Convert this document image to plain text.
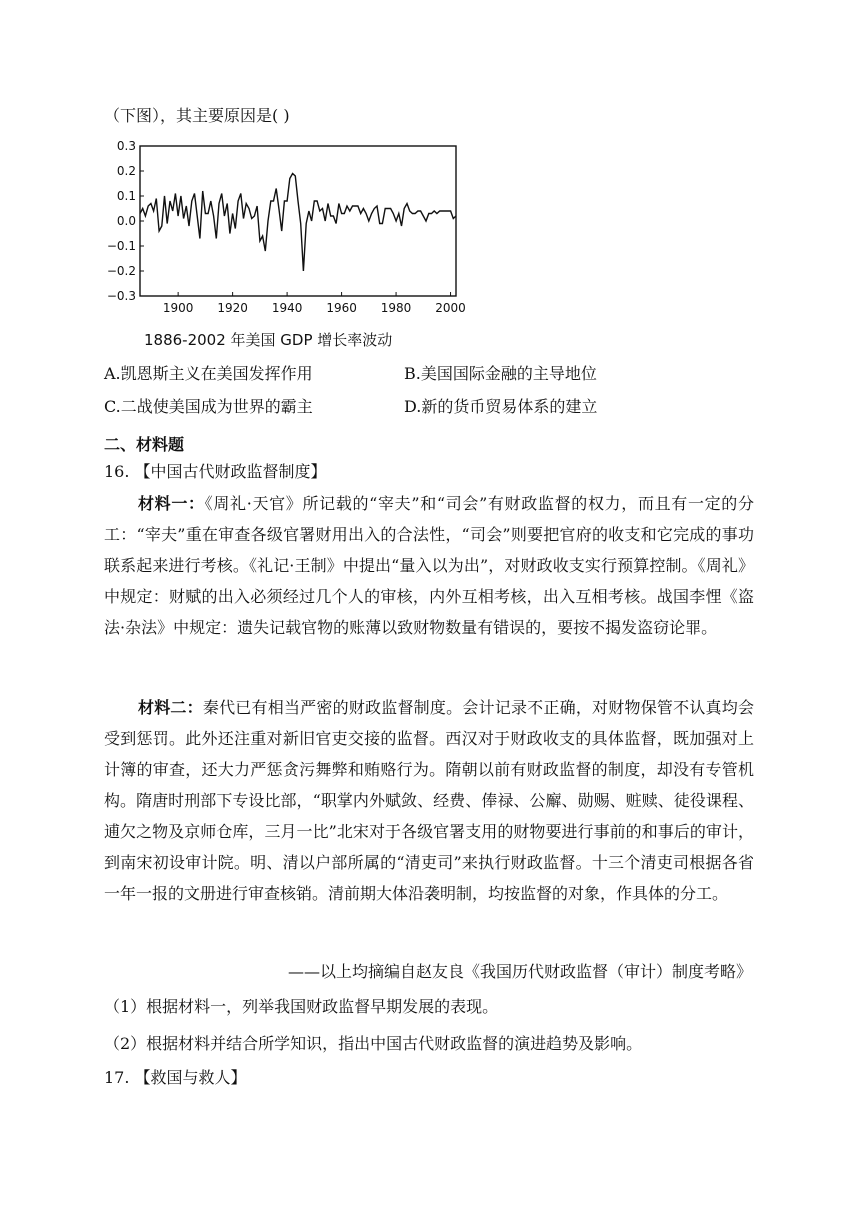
（下图），其主要原因是( )
0.3
0.2
0.1
0.0
−0.1
−0.2
−0.3
1900 1920 1940 1960 1980 2000
1886-2002 年美国 GDP 增长率波动
A.凯恩斯主义在美国发挥作用	B.美国国际金融的主导地位
C.二战使美国成为世界的霸主	D.新的货币贸易体系的建立
二、材料题
16. 【中国古代财政监督制度】
材料一：《周礼·天官》所记载的“宰夫”和“司会”有财政监督的权力，而且有一定的分工：“宰夫”重在审查各级官署财用出入的合法性，“司会”则要把官府的收支和它完成的事功联系起来进行考核。《礼记·王制》中提出“量入以为出”，对财政收支实行预算控制。《周礼》中规定：财赋的出入必须经过几个人的审核，内外互相考核，出入互相考核。战国李悝《盗法·杂法》中规定：遗失记载官物的账薄以致财物数量有错误的，要按不揭发盗窃论罪。
材料二：秦代已有相当严密的财政监督制度。会计记录不正确，对财物保管不认真均会受到惩罚。此外还注重对新旧官吏交接的监督。西汉对于财政收支的具体监督，既加强对上计簿的审查，还大力严惩贪污舞弊和贿赂行为。隋朝以前有财政监督的制度，却没有专管机构。隋唐时刑部下专设比部，“职掌内外赋敛、经费、俸禄、公廨、勋赐、赃赎、徒役课程、逋欠之物及京师仓库，三月一比”北宋对于各级官署支用的财物要进行事前的和事后的审计，到南宋初设审计院。明、清以户部所属的“清吏司”来执行财政监督。十三个清吏司根据各省一年一报的文册进行审查核销。清前期大体沿袭明制，均按监督的对象，作具体的分工。
——以上均摘编自赵友良《我国历代财政监督（审计）制度考略》
（1）根据材料一，列举我国财政监督早期发展的表现。
（2）根据材料并结合所学知识，指出中国古代财政监督的演进趋势及影响。
17. 【救国与救人】
